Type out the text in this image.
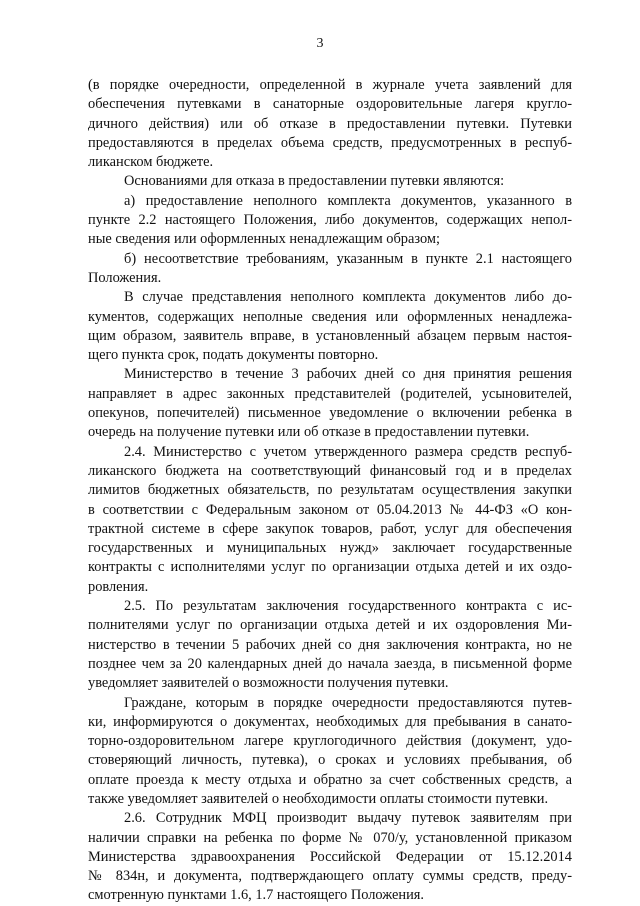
3
(в порядке очередности, определенной в журнале учета заявлений для
обеспечения путевками в санаторные оздоровительные лагеря кругло-
дичного действия) или об отказе в предоставлении путевки. Путевки
предоставляются в пределах объема средств, предусмотренных в респуб-
ликанском бюджете.
Основаниями для отказа в предоставлении путевки являются:
а) предоставление неполного комплекта документов, указанного в
пункте 2.2 настоящего Положения, либо документов, содержащих непол-
ные сведения или оформленных ненадлежащим образом;
б) несоответствие требованиям, указанным в пункте 2.1 настоящего
Положения.
В случае представления неполного комплекта документов либо до-
кументов, содержащих неполные сведения или оформленных ненадлежа-
щим образом, заявитель вправе, в установленный абзацем первым настоя-
щего пункта срок, подать документы повторно.
Министерство в течение 3 рабочих дней со дня принятия решения
направляет в адрес законных представителей (родителей, усыновителей,
опекунов, попечителей) письменное уведомление о включении ребенка в
очередь на получение путевки или об отказе в предоставлении путевки.
2.4. Министерство с учетом утвержденного размера средств респуб-
ликанского бюджета на соответствующий финансовый год и в пределах
лимитов бюджетных обязательств, по результатам осуществления закупки
в соответствии с Федеральным законом от 05.04.2013 № 44-ФЗ «О кон-
трактной системе в сфере закупок товаров, работ, услуг для обеспечения
государственных и муниципальных нужд» заключает государственные
контракты с исполнителями услуг по организации отдыха детей и их оздо-
ровления.
2.5. По результатам заключения государственного контракта с ис-
полнителями услуг по организации отдыха детей и их оздоровления Ми-
нистерство в течении 5 рабочих дней со дня заключения контракта, но не
позднее чем за 20 календарных дней до начала заезда, в письменной форме
уведомляет заявителей о возможности получения путевки.
Граждане, которым в порядке очередности предоставляются путев-
ки, информируются о документах, необходимых для пребывания в санато-
торно-оздоровительном лагере круглогодичного действия (документ, удо-
стоверяющий личность, путевка), о сроках и условиях пребывания, об
оплате проезда к месту отдыха и обратно за счет собственных средств, а
также уведомляет заявителей о необходимости оплаты стоимости путевки.
2.6. Сотрудник МФЦ производит выдачу путевок заявителям при
наличии справки на ребенка по форме № 070/у, установленной приказом
Министерства здравоохранения Российской Федерации от 15.12.2014
№ 834н, и документа, подтверждающего оплату суммы средств, преду-
смотренную пунктами 1.6, 1.7 настоящего Положения.
